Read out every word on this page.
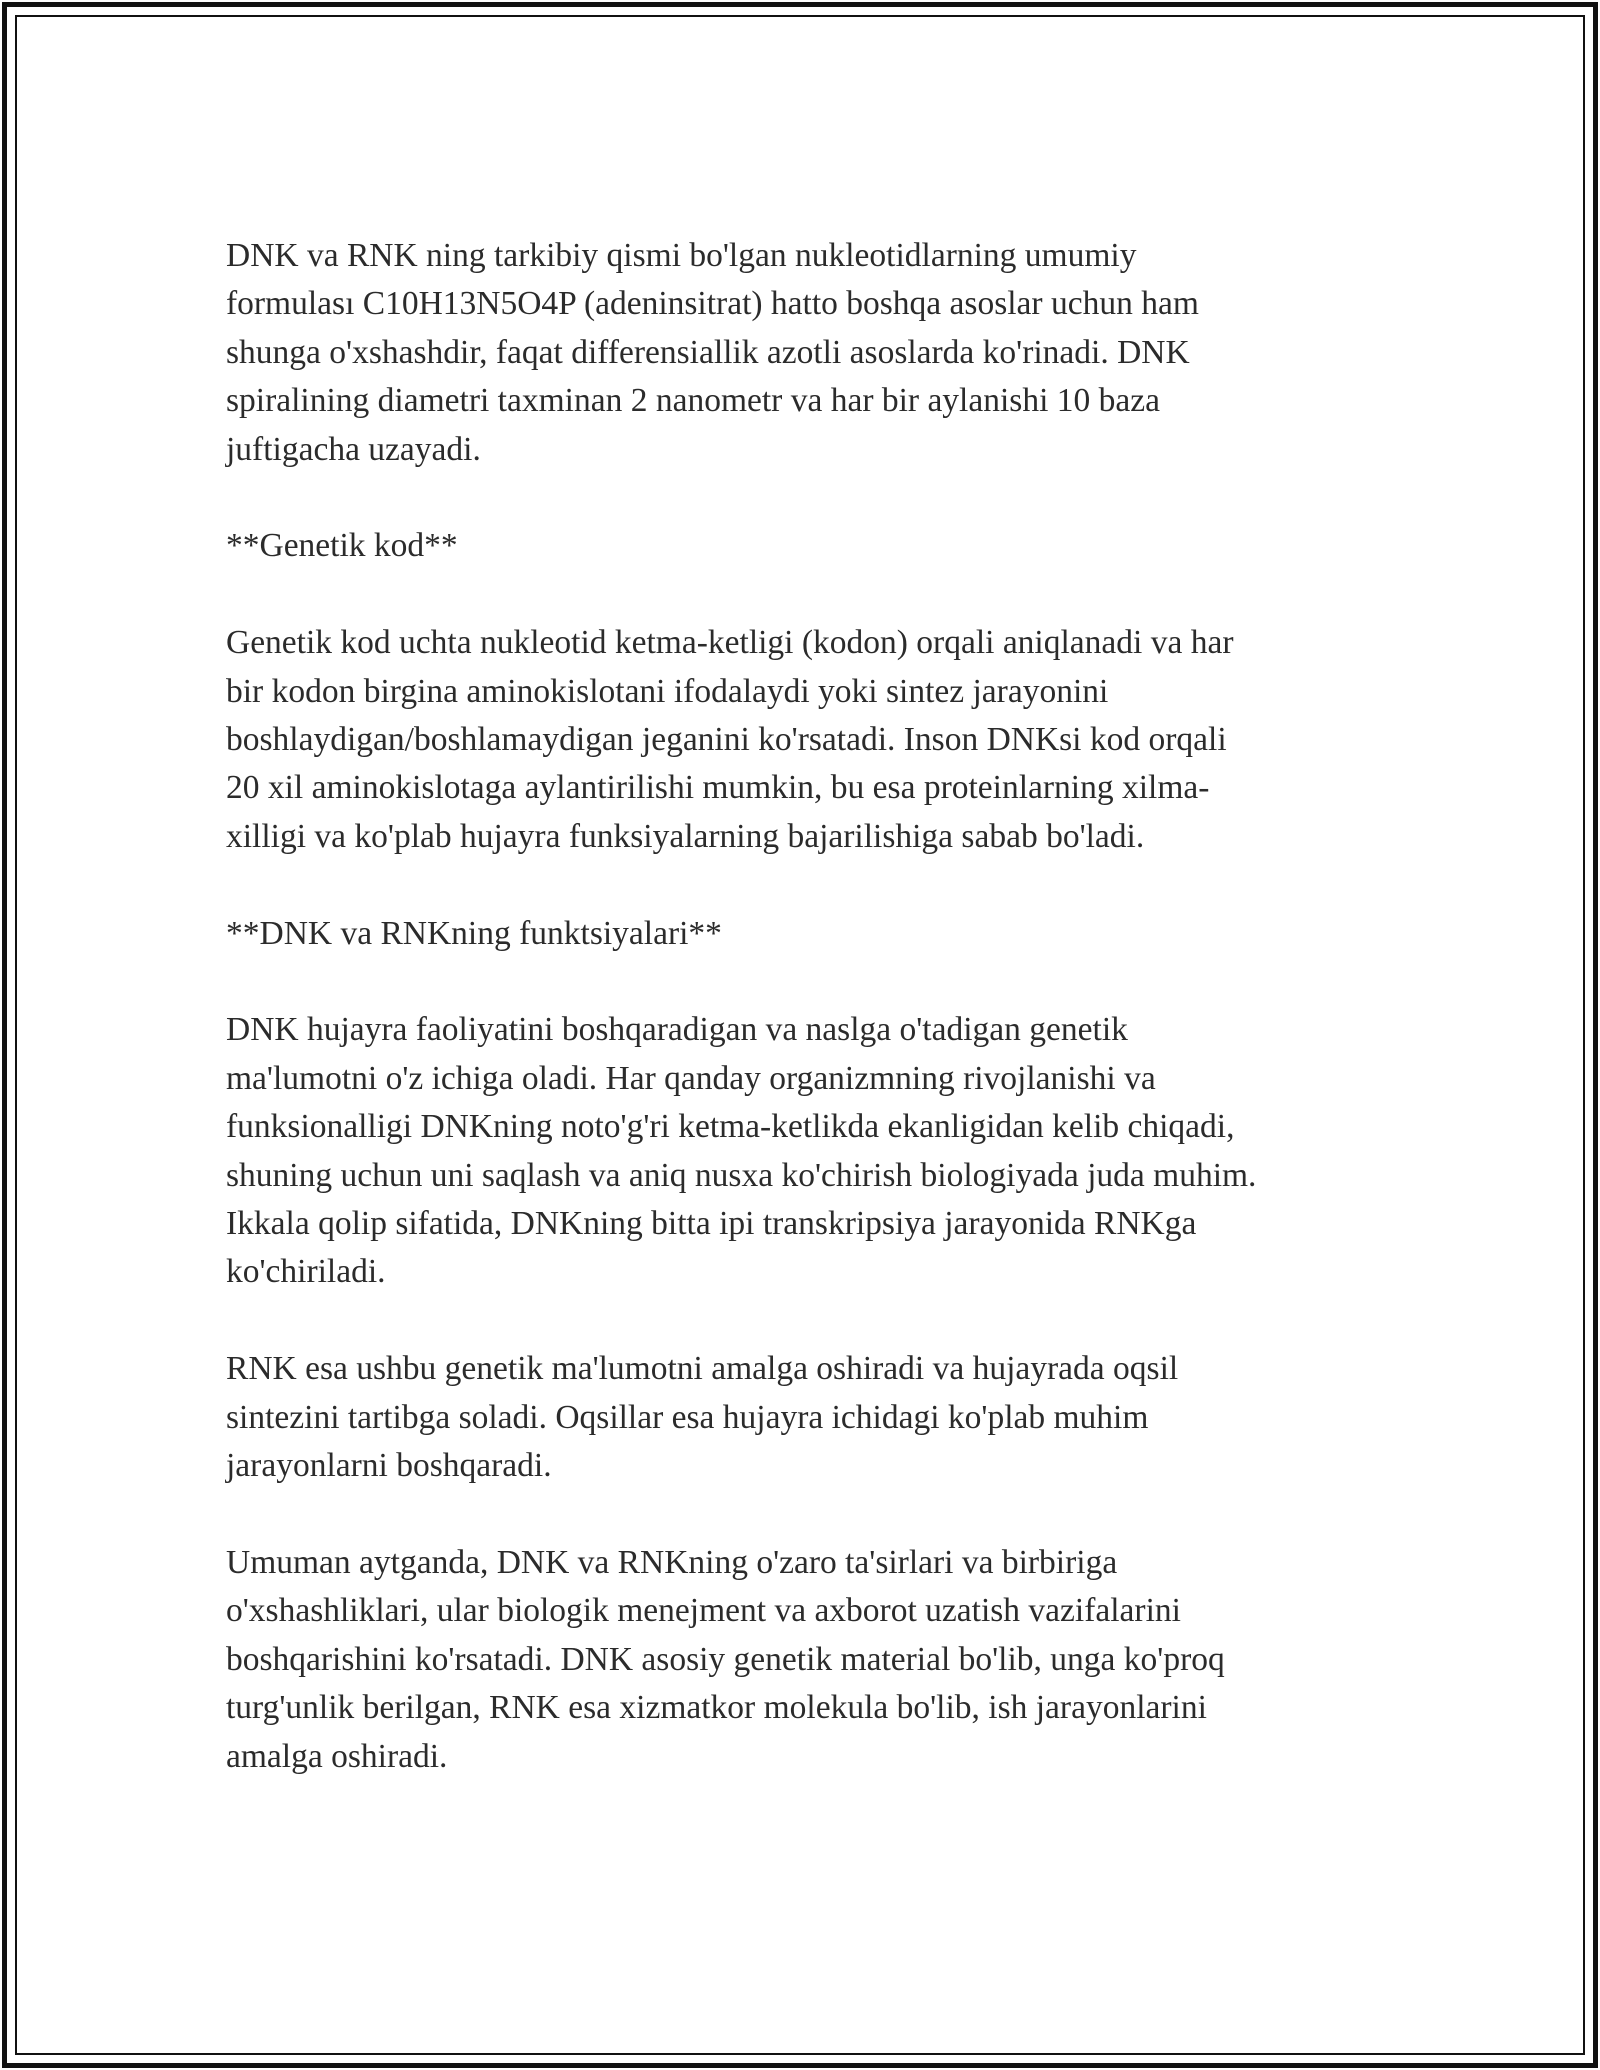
DNK va RNK ning tarkibiy qismi bo'lgan nukleotidlarning umumiy
formulası C10H13N5O4P (adeninsitrat) hatto boshqa asoslar uchun ham
shunga o'xshashdir, faqat differensiallik azotli asoslarda ko'rinadi. DNK
spiralining diametri taxminan 2 nanometr va har bir aylanishi 10 baza
juftigacha uzayadi.

**Genetik kod**

Genetik kod uchta nukleotid ketma-ketligi (kodon) orqali aniqlanadi va har
bir kodon birgina aminokislotani ifodalaydi yoki sintez jarayonini
boshlaydigan/boshlamaydigan jeganini ko'rsatadi. Inson DNKsi kod orqali
20 xil aminokislotaga aylantirilishi mumkin, bu esa proteinlarning xilma-
xilligi va ko'plab hujayra funksiyalarning bajarilishiga sabab bo'ladi.

**DNK va RNKning funktsiyalari**

DNK hujayra faoliyatini boshqaradigan va naslga o'tadigan genetik
ma'lumotni o'z ichiga oladi. Har qanday organizmning rivojlanishi va
funksionalligi DNKning noto'g'ri ketma-ketlikda ekanligidan kelib chiqadi,
shuning uchun uni saqlash va aniq nusxa ko'chirish biologiyada juda muhim.
Ikkala qolip sifatida, DNKning bitta ipi transkripsiya jarayonida RNKga
ko'chiriladi.

RNK esa ushbu genetik ma'lumotni amalga oshiradi va hujayrada oqsil
sintezini tartibga soladi. Oqsillar esa hujayra ichidagi ko'plab muhim
jarayonlarni boshqaradi.

Umuman aytganda, DNK va RNKning o'zaro ta'sirlari va birbiriga
o'xshashliklari, ular biologik menejment va axborot uzatish vazifalarini
boshqarishini ko'rsatadi. DNK asosiy genetik material bo'lib, unga ko'proq
turg'unlik berilgan, RNK esa xizmatkor molekula bo'lib, ish jarayonlarini
amalga oshiradi.
